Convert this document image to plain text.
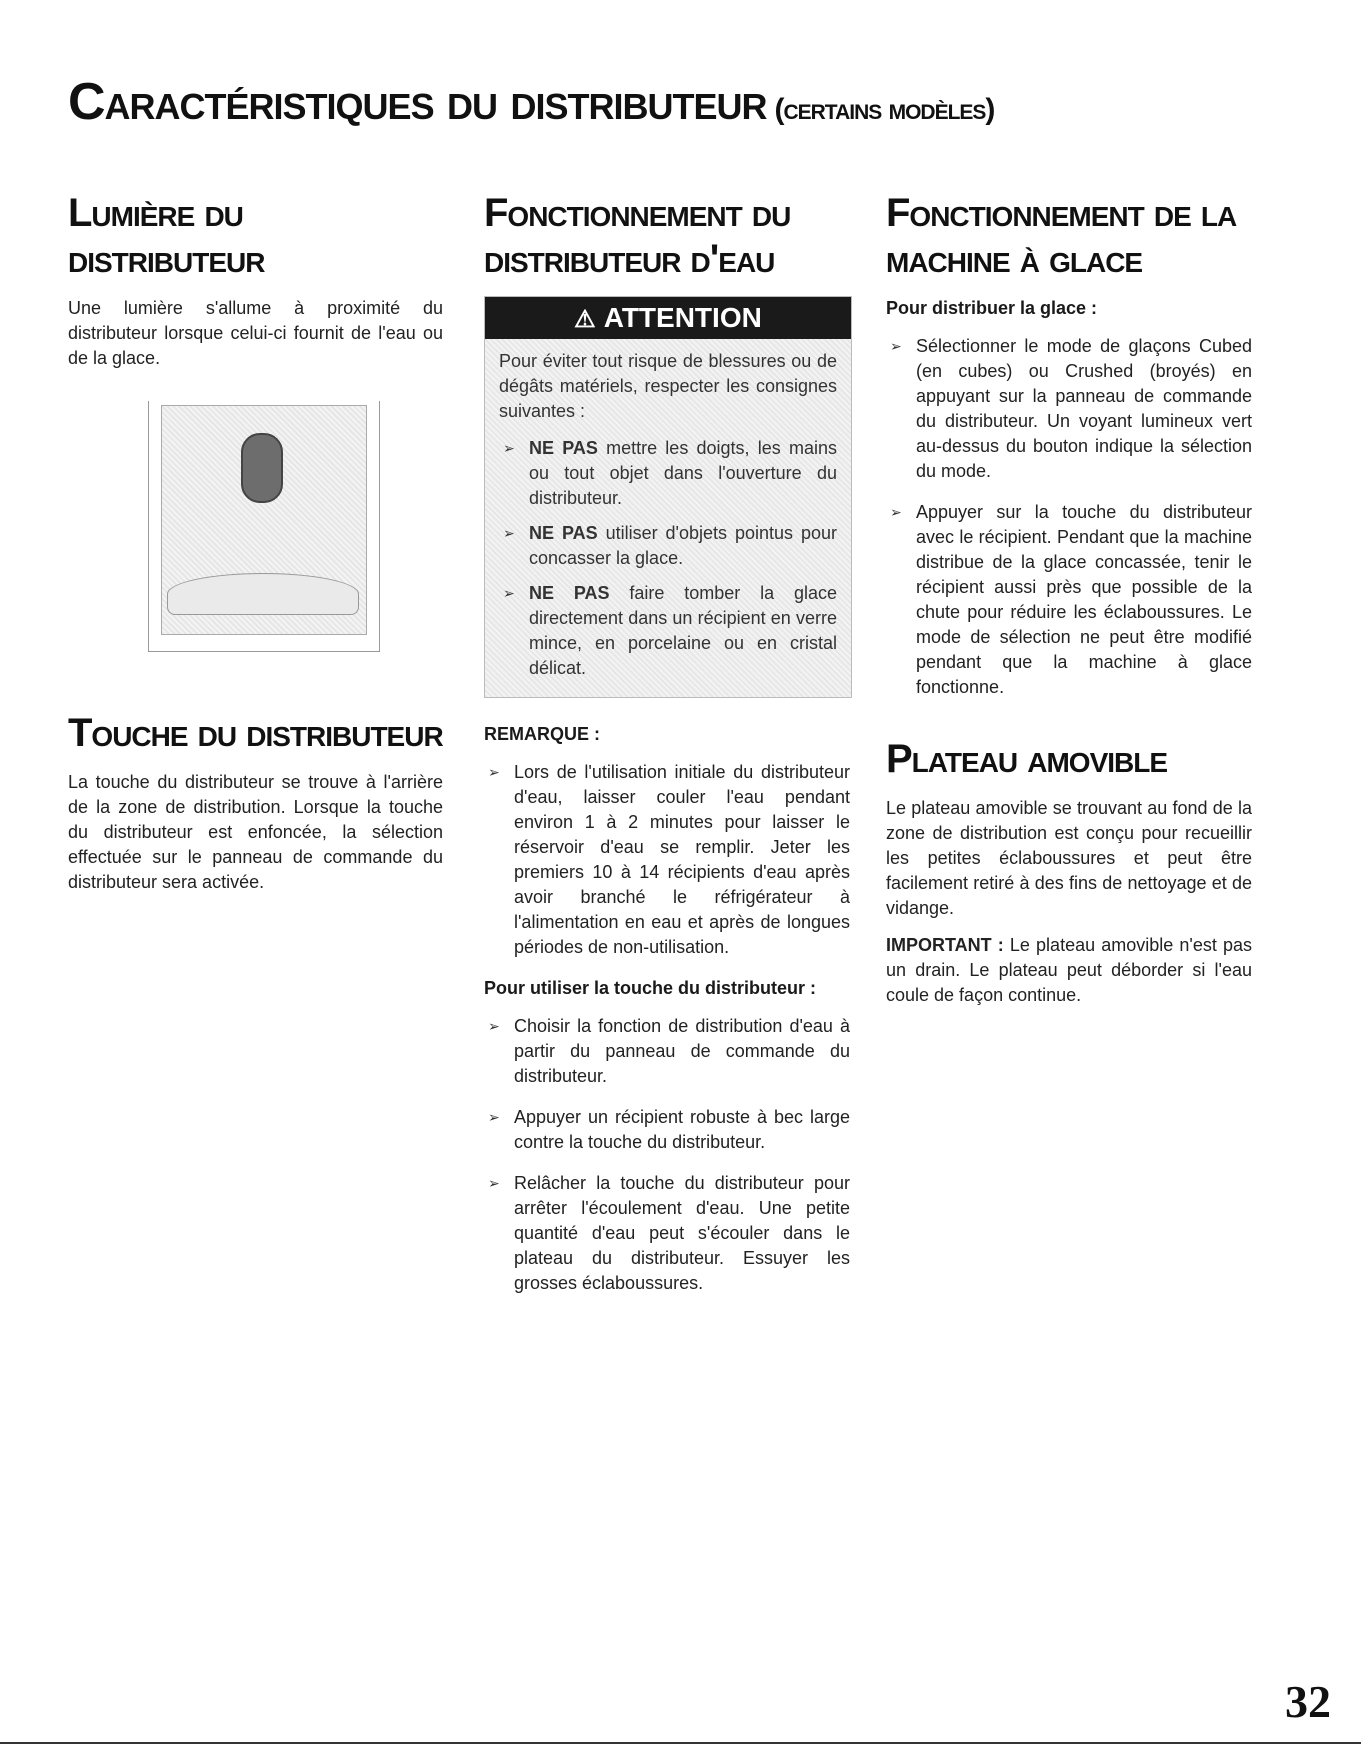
Caractéristiques du distributeur (certains modèles)
Lumière du distributeur

Une lumière s'allume à proximité du distributeur lorsque celui-ci fournit de l'eau ou de la glace.

Touche du distributeur

La touche du distributeur se trouve à l'arrière de la zone de distribution. Lorsque la touche du distributeur est enfoncée, la sélection effectuée sur le panneau de commande du distributeur sera activée.

Fonctionnement du distributeur d'eau
⚠ ATTENTION

Pour éviter tout risque de blessures ou de dégâts matériels, respecter les consignes suivantes :

➢ NE PAS mettre les doigts, les mains ou tout objet dans l'ouverture du distributeur.
➢ NE PAS utiliser d'objets pointus pour concasser la glace.
➢ NE PAS faire tomber la glace directement dans un récipient en verre mince, en porcelaine ou en cristal délicat.
REMARQUE :
➢ Lors de l'utilisation initiale du distributeur d'eau, laisser couler l'eau pendant environ 1 à 2 minutes pour laisser le réservoir d'eau se remplir. Jeter les premiers 10 à 14 récipients d'eau après avoir branché le réfrigérateur à l'alimentation en eau et après de longues périodes de non-utilisation.
Pour utiliser la touche du distributeur :
➢ Choisir la fonction de distribution d'eau à partir du panneau de commande du distributeur.
➢ Appuyer un récipient robuste à bec large contre la touche du distributeur.
➢ Relâcher la touche du distributeur pour arrêter l'écoulement d'eau. Une petite quantité d'eau peut s'écouler dans le plateau du distributeur. Essuyer les grosses éclaboussures.
Fonctionnement de la machine à glace
Pour distribuer la glace :
➢ Sélectionner le mode de glaçons Cubed (en cubes) ou Crushed (broyés) en appuyant sur la panneau de commande du distributeur. Un voyant lumineux vert au-dessus du bouton indique la sélection du mode.
➢ Appuyer sur la touche du distributeur avec le récipient. Pendant que la machine distribue de la glace concassée, tenir le récipient aussi près que possible de la chute pour réduire les éclaboussures. Le mode de sélection ne peut être modifié pendant que la machine à glace fonctionne.
Plateau amovible

Le plateau amovible se trouvant au fond de la zone de distribution est conçu pour recueillir les petites éclaboussures et peut être facilement retiré à des fins de nettoyage et de vidange.

IMPORTANT : Le plateau amovible n'est pas un drain. Le plateau peut déborder si l'eau coule de façon continue.

32
